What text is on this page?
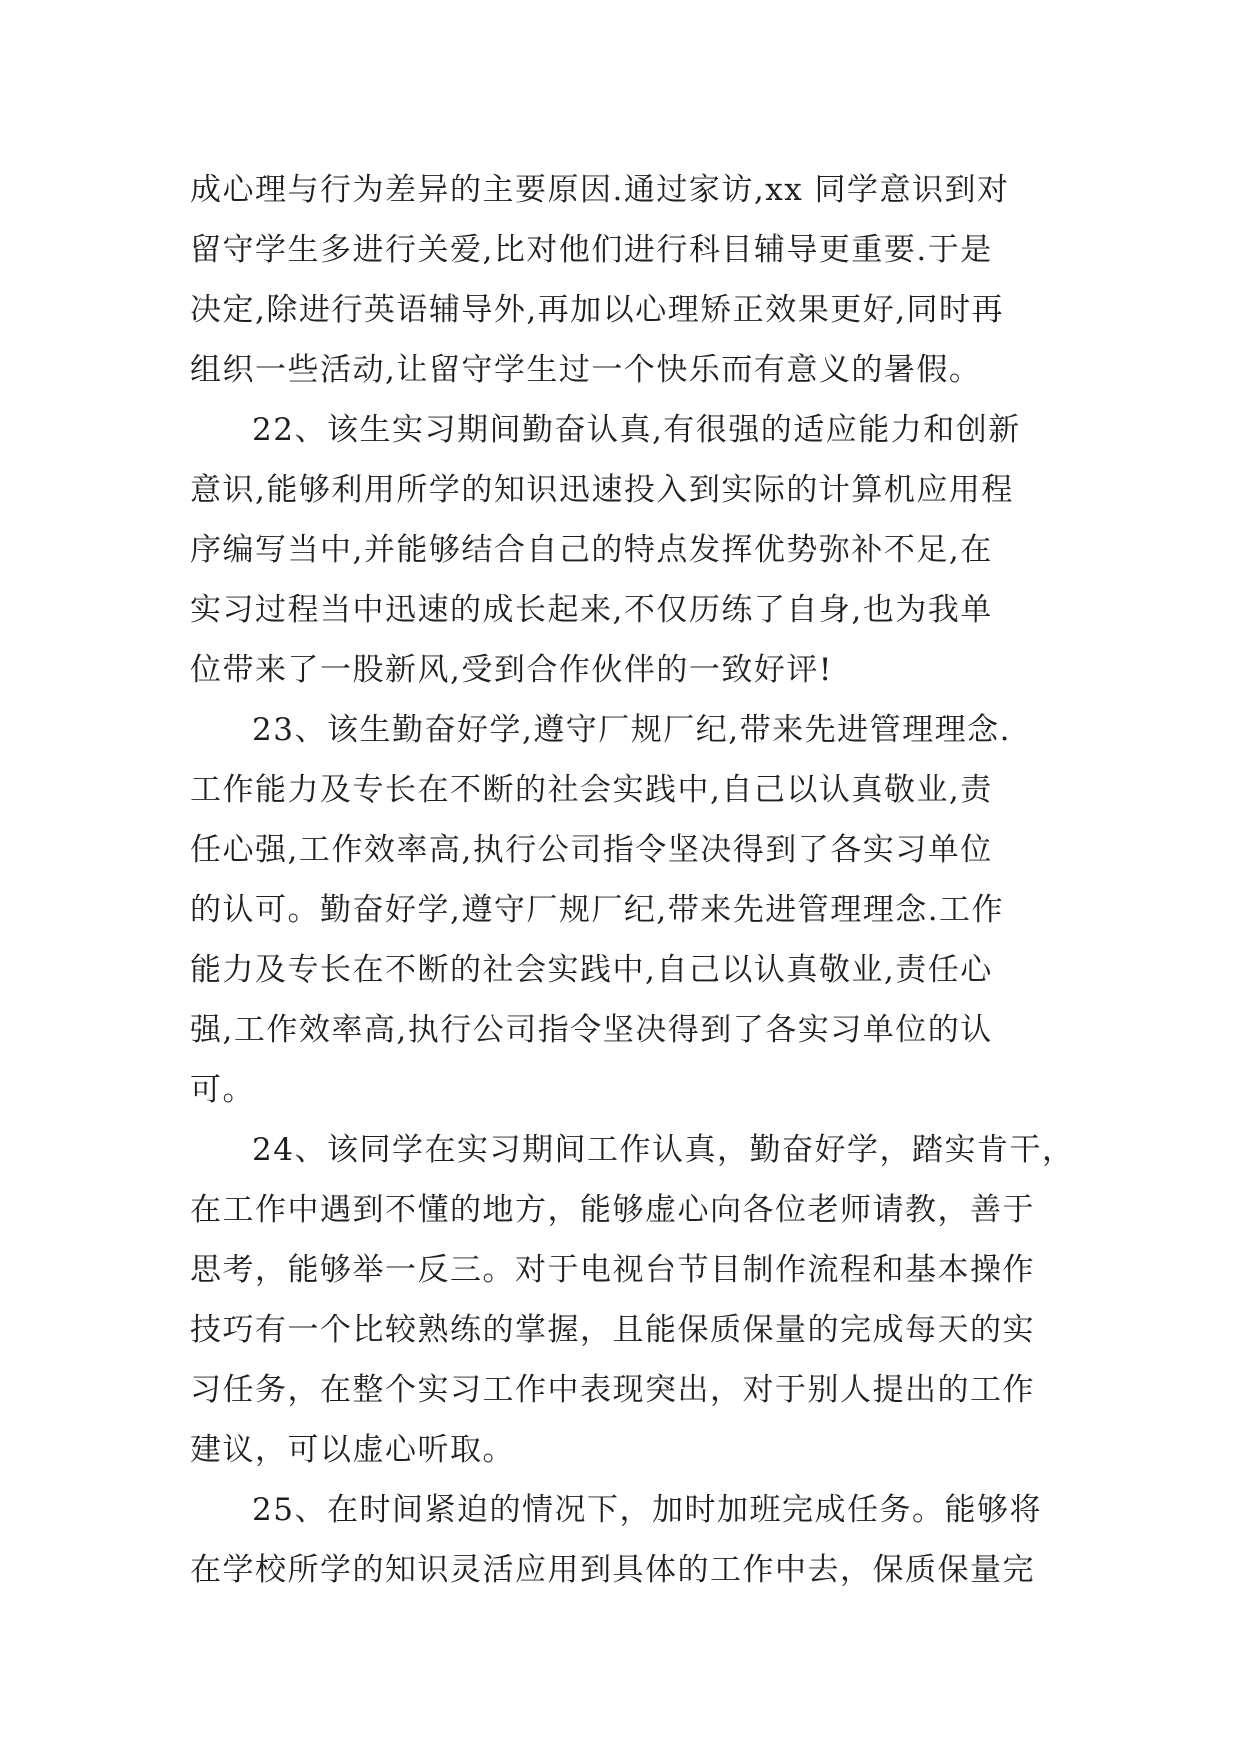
成心理与行为差异的主要原因.通过家访,xx 同学意识到对
留守学生多进行关爱,比对他们进行科目辅导更重要.于是
决定,除进行英语辅导外,再加以心理矫正效果更好,同时再
组织一些活动,让留守学生过一个快乐而有意义的暑假。
22、该生实习期间勤奋认真,有很强的适应能力和创新
意识,能够利用所学的知识迅速投入到实际的计算机应用程
序编写当中,并能够结合自己的特点发挥优势弥补不足,在
实习过程当中迅速的成长起来,不仅历练了自身,也为我单
位带来了一股新风,受到合作伙伴的一致好评!
23、该生勤奋好学,遵守厂规厂纪,带来先进管理理念.
工作能力及专长在不断的社会实践中,自己以认真敬业,责
任心强,工作效率高,执行公司指令坚决得到了各实习单位
的认可。勤奋好学,遵守厂规厂纪,带来先进管理理念.工作
能力及专长在不断的社会实践中,自己以认真敬业,责任心
强,工作效率高,执行公司指令坚决得到了各实习单位的认
可。
24、该同学在实习期间工作认真，勤奋好学，踏实肯干，
在工作中遇到不懂的地方，能够虚心向各位老师请教，善于
思考，能够举一反三。对于电视台节目制作流程和基本操作
技巧有一个比较熟练的掌握，且能保质保量的完成每天的实
习任务，在整个实习工作中表现突出，对于别人提出的工作
建议，可以虚心听取。
25、在时间紧迫的情况下，加时加班完成任务。能够将
在学校所学的知识灵活应用到具体的工作中去，保质保量完
